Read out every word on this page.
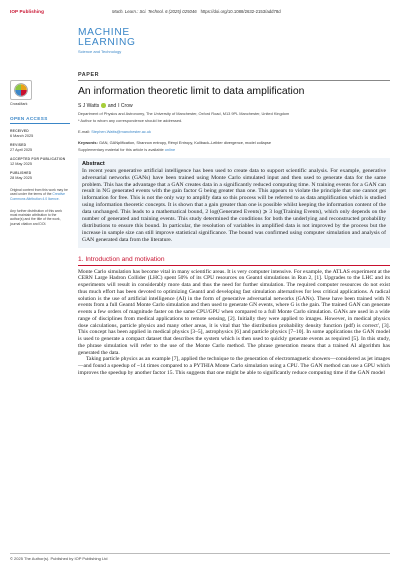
IOP Publishing	Mach. Learn.: Sci. Technol. 6 (2025) 025046 https://doi.org/10.1088/2632-2153/add78d
MACHINE
LEARNING
Science and Technology
CrossMark
OPEN ACCESS
RECEIVED
6 March 2025
REVISED
27 April 2025
ACCEPTED FOR PUBLICATION
12 May 2025
PUBLISHED
28 May 2025
Original content from this work may be used under the terms of the Creative Commons Attribution 4.0 licence.
Any further distribution of this work must maintain attribution to the author(s) and the title of the work, journal citation and DOI.
PAPER
An information theoretic limit to data amplification
S J Watts and I Crow
Department of Physics and Astronomy, The University of Manchester, Oxford Road, M13 9PL Manchester, United Kingdom
* Author to whom any correspondence should be addressed.
E-mail: Stephen.Watts@manchester.ac.uk
Keywords: GAN, GANplification, Shannon entropy, Rényi Entropy, Kullback–Leibler divergence, model collapse
Supplementary material for this article is available online
Abstract
In recent years generative artificial intelligence has been used to create data to support scientific analysis. For example, generative adversarial networks (GANs) have been trained using Monte Carlo simulated input and then used to generate data for the same problem. This has the advantage that a GAN creates data in a significantly reduced computing time. N training events for a GAN can result in NG generated events with the gain factor G being greater than one. This appears to violate the principle that one cannot get information for free. This is not the only way to amplify data so this process will be referred to as data amplification which is studied using information theoretic concepts. It is shown that a gain greater than one is possible whilst keeping the information content of the data unchanged. This leads to a mathematical bound, 2 log(Generated Events) ⩾ 3 log(Training Events), which only depends on the number of generated and training events. This study determined the conditions for both the underlying and reconstructed probability distributions to ensure this bound. In particular, the resolution of variables in amplified data is not improved by the process but the increase in sample size can still improve statistical significance. The bound was confirmed using computer simulation and analysis of GAN generated data from the literature.
1. Introduction and motivation
Monte Carlo simulation has become vital in many scientific areas. It is very computer intensive. For example, the ATLAS experiment at the CERN Large Hadron Collider (LHC) spent 50% of its CPU resources on Geant4 simulations in Run 2, [1]. Upgrades to the LHC and its experiments will result in considerably more data and thus the need for further simulation. The required computer resources do not exist thus much effort has been devoted to optimizing Geant4 and developing fast simulation alternatives for less critical applications. A radical solution is the use of artificial intelligence (AI) in the form of generative adversarial networks (GANs). These have been trained with N events from a full Geant4 Monte Carlo simulation and then used to generate GN events, where G is the gain. The trained GAN can generate events a few orders of magnitude faster on the same CPU/GPU when compared to a full Monte Carlo simulation. GANs are used in a wide range of disciplines from medical applications to remote sensing, [2]. Initially they were applied to images. However, in medical physics dose calculations, particle physics and many other areas, it is vital that 'the distribution probability density function (pdf) is correct', [3]. This concept has been applied in medical physics [3–5], astrophysics [6] and particle physics [7–10]. In some applications the GAN model is used to generate a compact dataset that describes the system which is then used to quickly generate events as required [5]. In this study, the phrase simulation will refer to the use of the Monte Carlo method. The phrase generation means that a trained AI algorithm has generated the data.
Taking particle physics as an example [7], applied the technique to the generation of electromagnetic showers—considered as jet images—and found a speedup of ~14 times compared to a PYTHIA Monte Carlo simulation using a CPU. The GAN method can use a GPU which improves the speedup by another factor 15. This suggests that one might be able to significantly reduce computing time if the GAN model
© 2025 The Author(s). Published by IOP Publishing Ltd
